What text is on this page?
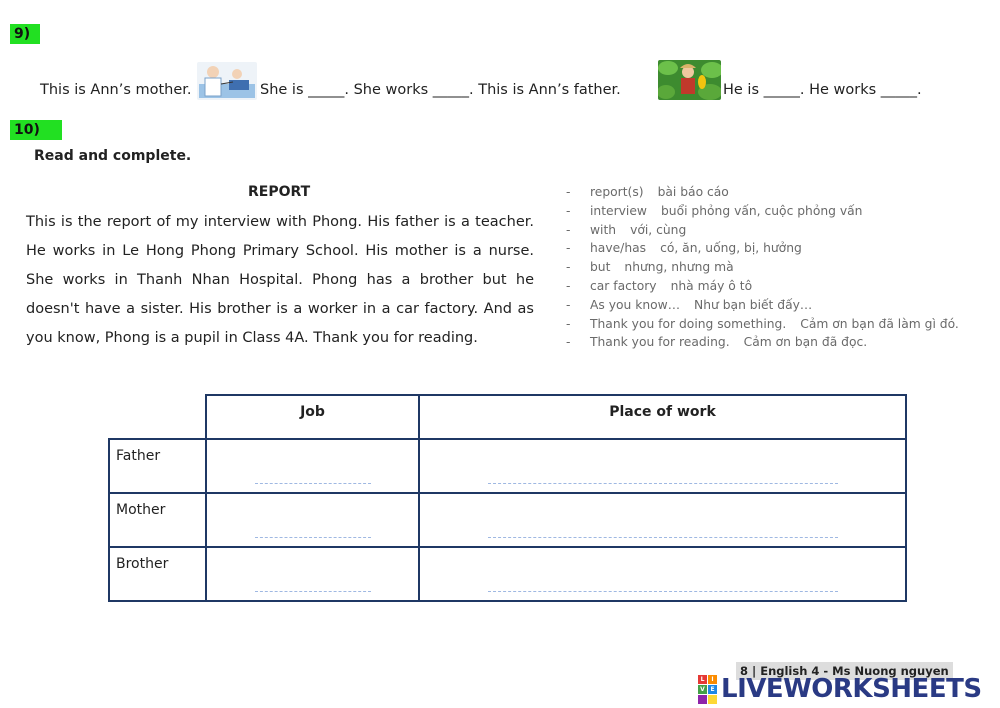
9)
This is Ann’s mother.	She is _____. She works _____. This is Ann’s father.	He is _____. He works _____.
10)
Read and complete.
REPORT

This is the report of my interview with Phong. His father is a teacher. He works in Le Hong Phong Primary School. His mother is a nurse. She works in Thanh Nhan Hospital. Phong has a brother but he doesn't have a sister. His brother is a worker in a car factory. And as you know, Phong is a pupil in Class 4A. Thank you for reading.

- report(s) bài báo cáo
- interview buổi phỏng vấn, cuộc phỏng vấn
- with với, cùng
- have/has có, ăn, uống, bị, hưởng
- but nhưng, nhưng mà
- car factory nhà máy ô tô
- As you know… Như bạn biết đấy…
- Thank you for doing something. Cảm ơn bạn đã làm gì đó.
- Thank you for reading. Cảm ơn bạn đã đọc.
	Job	Place of work
Father	

Mother	

Brother	

8 | English 4 - Ms Nuong nguyen
L	I
V E LIVEWORKSHEETS
